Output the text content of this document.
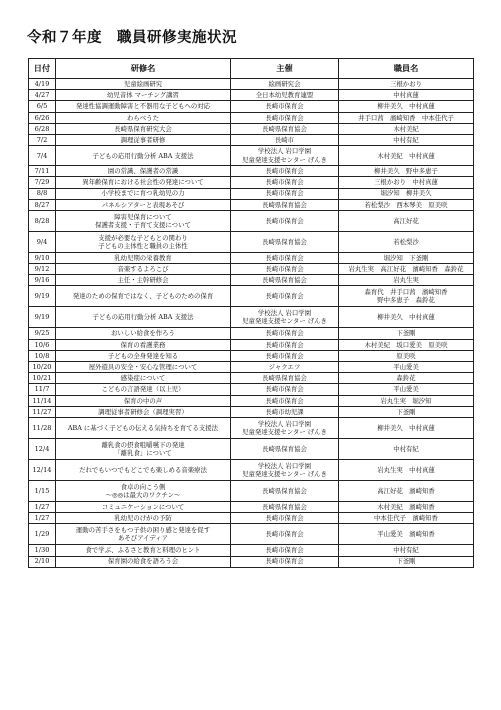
令和７年度　職員研修実施状況
日付	研修名	主催	職員名
4/19	児童絵画研究	絵画研究会	三根かおり

4/27	幼児音体 マーチング講習	全日本幼児教育連盟	中村真蓮

6/5	発達性協調運動障害と不器用な子どもへの対応	長崎市保育会	柳井美久　中村真蓮

6/26	わらべうた	長崎市保育会	井手口茜　濱崎知香　中本佳代子

6/28	長崎県保育研究大会	長崎県保育協会	木村美紀

7/2	調理従事者研修	長崎市	中村有紀

7/4	子どもの応用行動分析 ABA 支援法	学校法人 岩口学園
児童発達支援センター げんき	木村美紀　中村真蓮

7/11	園の常識、保護者の常識	長崎市保育会	柳井美久　野中多恵子

7/29	異年齢保育における社会性の発達について	長崎市保育会	三根かおり　中村真蓮

8/8	小学校までに育つ乳幼児の力	長崎市保育会	堀汐知　柳井美久

8/27	パネルシアターと表現あそび	長崎県保育協会	若松梨沙　西本琴美　原美咲

8/28	障害児保育について
保護者支援・子育て支援について	長崎市保育会	高江好花

9/4	支援が必要な子どもとの関わり
子どもの主体性と職員の主体性	長崎県保育協会	若松梨沙

9/10	乳幼児期の栄養教育	長崎市保育会	堀汐知　下釜剛

9/12	音楽するよろこび	長崎市保育会	岩丸生実　高江好花　濱崎知香　森鈴花

9/16	主任・主幹研修会	長崎県保育協会	岩丸生実

9/19	発達のための保育ではなく、子どものための保育	長崎市保育会	森育代　井手口茜　濱崎知香
野中多恵子　森鈴花

9/19	子どもの応用行動分析 ABA 支援法	学校法人 岩口学園
児童発達支援センター げんき	柳井美久　中村真蓮

9/25	おいしい給食を作ろう	長崎市保育会	下釜剛

10/6	保育の看護業務	長崎市保育会	木村美紀　坂口愛美　原美咲

10/8	子どもの全身発達を知る	長崎市保育会	原美咲

10/20	屋外遊具の安全・安心な管理について	ジャクエツ	平山愛美

10/21	感染症について	長崎県保育協会	森鈴花

11/7	こどもの言語発達（以上児）	長崎市保育会	平山愛美

11/14	保育の中の声	長崎市保育会	岩丸生実　堀汐知

11/27	調理従事者研修会（調理実習）	長崎市幼児課	下釜剛

11/28	ABA に基づく子どもの伝える気持ちを育てる支援法	学校法人 岩口学園
児童発達支援センター げんき	柳井美久　中村真蓮

12/4	離乳食の摂食咀嚼嚥下の発達
「離乳食」について	長崎県保育協会	中村有紀

12/14	だれでもいつでもどこでも楽しめる音楽療法	学校法人 岩口学園
児童発達支援センター げんき	岩丸生実　中村真蓮

1/15	食卓の向こう側
～◎◎は最大のワクチン～	長崎県保育協会	高江好花　濱崎知香

1/27	コミュニケーションについて	長崎県保育協会	木村美紀　濱崎知香

1/27	乳幼児のけがの予防	長崎市保育会	中本佳代子　濱崎知香

1/29	運動の苦手さをもつ子供の困り感と発達を促す
あそびアイディア	長崎市保育会	平山愛美　濱崎知香

1/30	食で学ぶ、ふるさと教育と料理のヒント	長崎市保育会	中村有紀

2/10	保育園の給食を語ろう会	長崎市保育会	下釜剛
